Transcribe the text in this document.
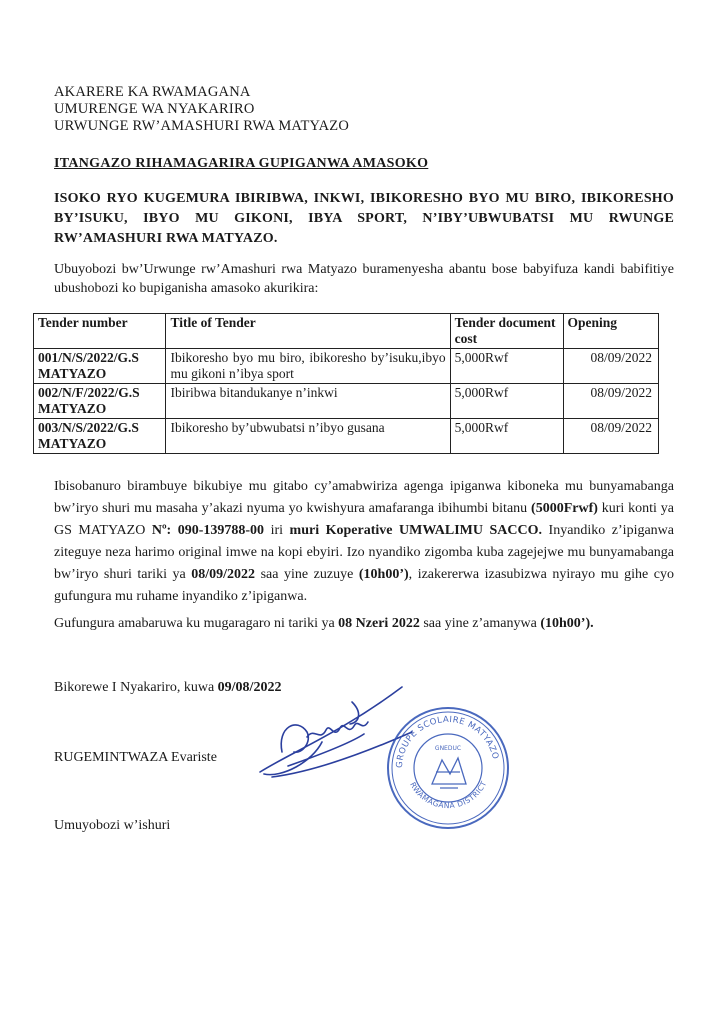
AKARERE KA RWAMAGANA
UMURENGE WA NYAKARIRO
URWUNGE RW’AMASHURI RWA MATYAZO
ITANGAZO RIHAMAGARIRA GUPIGANWA AMASOKO
ISOKO RYO KUGEMURA IBIRIBWA, INKWI, IBIKORESHO BYO MU BIRO, IBIKORESHO BY’ISUKU, IBYO MU GIKONI, IBYA SPORT, N’IBY’UBWUBATSI MU RWUNGE RW’AMASHURI RWA MATYAZO.
Ubuyobozi bw’Urwunge rw’Amashuri rwa Matyazo buramenyesha abantu bose babyifuza kandi babifitiye ubushobozi ko bupiganisha amasoko akurikira:
Tender number	Title of Tender	Tender document cost	Opening
001/N/S/2022/G.S MATYAZO	Ibikoresho byo mu biro, ibikoresho by’isuku,ibyo mu gikoni n’ibya sport	5,000Rwf	08/09/2022
002/N/F/2022/G.S MATYAZO	Ibiribwa bitandukanye n’inkwi	5,000Rwf	08/09/2022
003/N/S/2022/G.S MATYAZO	Ibikoresho by’ubwubatsi n’ibyo gusana	5,000Rwf	08/09/2022
Ibisobanuro birambuye bikubiye mu gitabo cy’amabwiriza agenga ipiganwa kiboneka mu bunyamabanga bw’iryo shuri mu masaha y’akazi nyuma yo kwishyura amafaranga ibihumbi bitanu (5000Frwf) kuri konti ya GS MATYAZO Nº: 090-139788-00 iri muri Koperative UMWALIMU SACCO. Inyandiko z’ipiganwa ziteguye neza harimo original imwe na kopi ebyiri. Izo nyandiko zigomba kuba zagejejwe mu bunyamabanga bw’iryo shuri tariki ya 08/09/2022 saa yine zuzuye (10h00’), izakererwa izasubizwa nyirayo mu gihe cyo gufungura mu ruhame inyandiko z’ipiganwa.
Gufungura amabaruwa ku mugaragaro ni tariki ya 08 Nzeri 2022 saa yine z’amanywa (10h00’).
Bikorewe I Nyakariro, kuwa 09/08/2022
RUGEMINTWAZA Evariste
Umuyobozi w’ishuri
GROUPE SCOLAIRE MATYAZO
RWAMAGANA DISTRICT
GNEDUC
